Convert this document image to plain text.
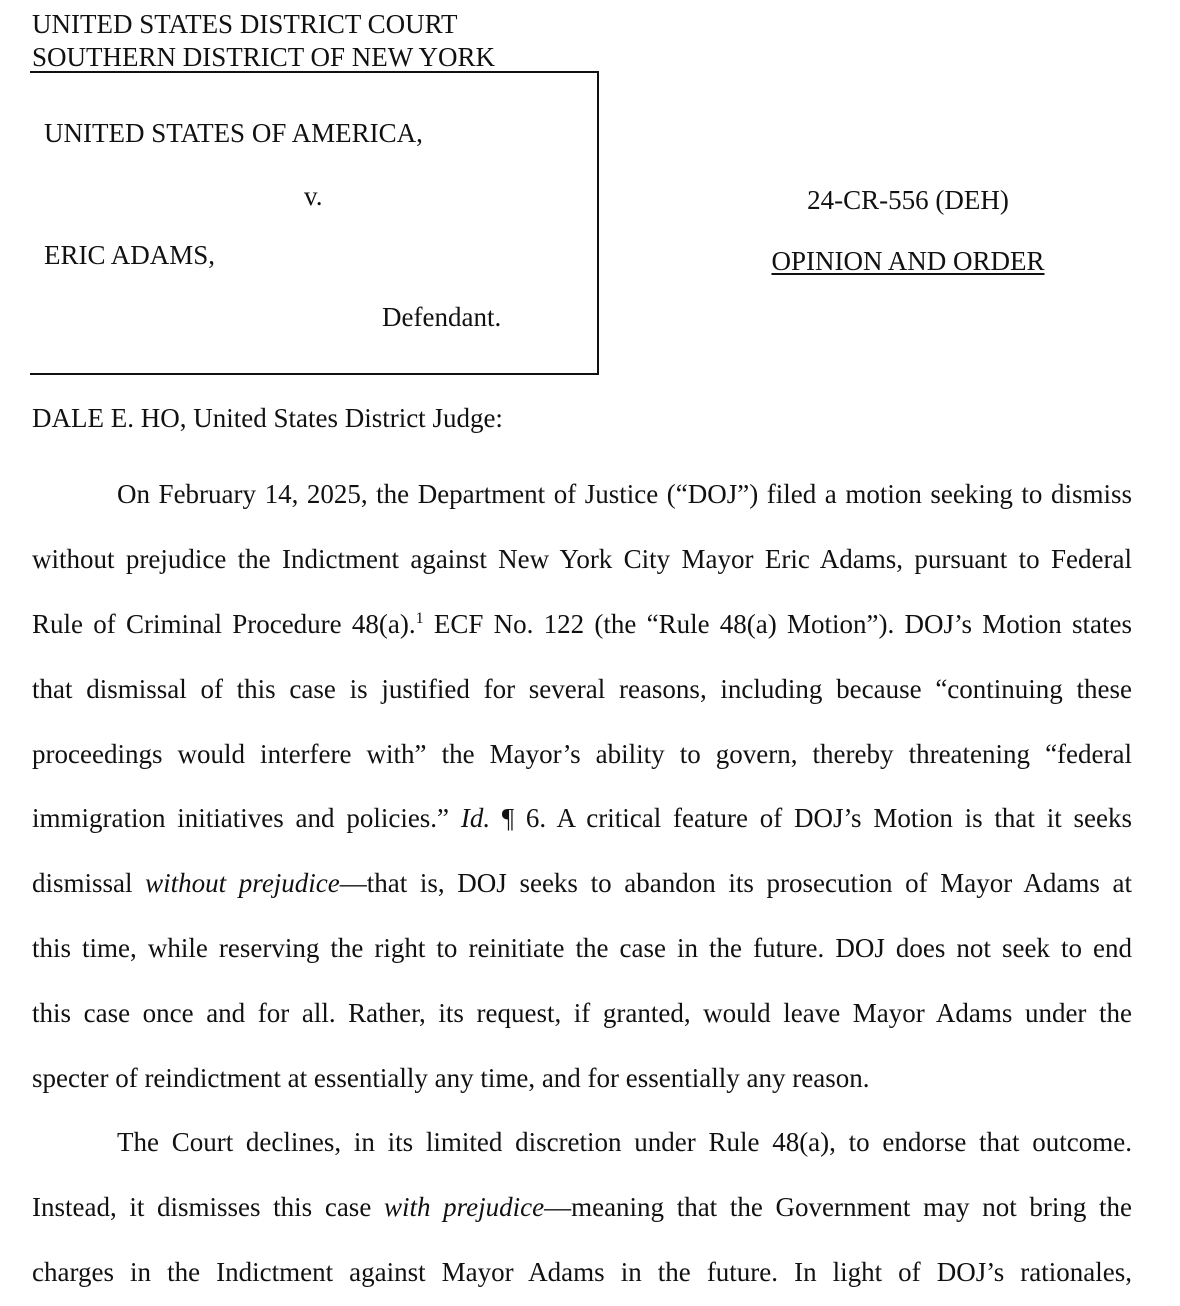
UNITED STATES DISTRICT COURT
SOUTHERN DISTRICT OF NEW YORK
UNITED STATES OF AMERICA,
v.
ERIC ADAMS,
Defendant.
24-CR-556 (DEH)
OPINION AND ORDER
DALE E. HO, United States District Judge:
On February 14, 2025, the Department of Justice (“DOJ”) filed a motion seeking to dismiss
without prejudice the Indictment against New York City Mayor Eric Adams, pursuant to Federal
Rule of Criminal Procedure 48(a).$^1$ ECF No. 122 (the “Rule 48(a) Motion”). DOJ’s Motion states
that dismissal of this case is justified for several reasons, including because “continuing these
proceedings would interfere with” the Mayor’s ability to govern, thereby threatening “federal
immigration initiatives and policies.” Id. ¶ 6. A critical feature of DOJ’s Motion is that it seeks
dismissal without prejudice—that is, DOJ seeks to abandon its prosecution of Mayor Adams at
this time, while reserving the right to reinitiate the case in the future. DOJ does not seek to end
this case once and for all. Rather, its request, if granted, would leave Mayor Adams under the
specter of reindictment at essentially any time, and for essentially any reason.
The Court declines, in its limited discretion under Rule 48(a), to endorse that outcome.
Instead, it dismisses this case with prejudice—meaning that the Government may not bring the
charges in the Indictment against Mayor Adams in the future. In light of DOJ’s rationales,
